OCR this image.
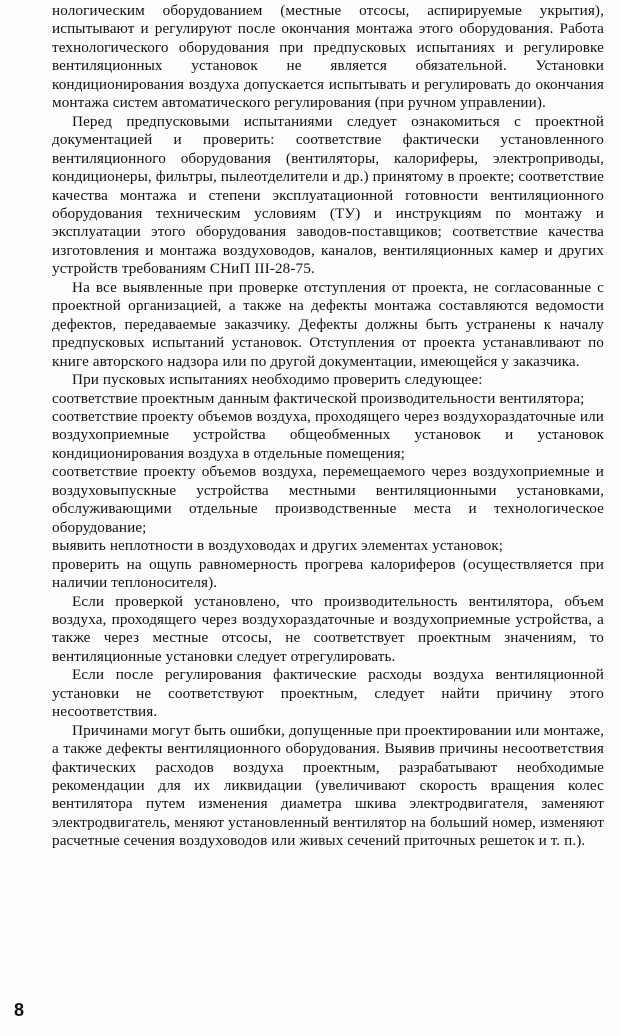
нологическим оборудованием (местные отсосы, аспирируемые укрытия), испытывают и регулируют после окончания монтажа этого оборудования. Работа технологического оборудования при предпусковых испытаниях и регулировке вентиляционных установок не является обязательной. Установки кондиционирования воздуха допускается испытывать и регулировать до окончания монтажа систем автоматического регулирования (при ручном управлении).

Перед предпусковыми испытаниями следует ознакомиться с проектной документацией и проверить: соответствие фактически установленного вентиляционного оборудования (вентиляторы, калориферы, электроприводы, кондиционеры, фильтры, пылеотделители и др.) принятому в проекте; соответствие качества монтажа и степени эксплуатационной готовности вентиляционного оборудования техническим условиям (ТУ) и инструкциям по монтажу и эксплуатации этого оборудования заводов-поставщиков; соответствие качества изготовления и монтажа воздуховодов, каналов, вентиляционных камер и других устройств требованиям СНиП III-28-75.

На все выявленные при проверке отступления от проекта, не согласованные с проектной организацией, а также на дефекты монтажа составляются ведомости дефектов, передаваемые заказчику. Дефекты должны быть устранены к началу предпусковых испытаний установок. Отступления от проекта устанавливают по книге авторского надзора или по другой документации, имеющейся у заказчика.

При пусковых испытаниях необходимо проверить следующее:

соответствие проектным данным фактической производительности вентилятора;

соответствие проекту объемов воздуха, проходящего через воздухораздаточные или воздухоприемные устройства общеобменных установок и установок кондиционирования воздуха в отдельные помещения;

соответствие проекту объемов воздуха, перемещаемого через воздухоприемные и воздуховыпускные устройства местными вентиляционными установками, обслуживающими отдельные производственные места и технологическое оборудование;

выявить неплотности в воздуховодах и других элементах установок;

проверить на ощупь равномерность прогрева калориферов (осуществляется при наличии теплоносителя).

Если проверкой установлено, что производительность вентилятора, объем воздуха, проходящего через воздухораздаточные и воздухоприемные устройства, а также через местные отсосы, не соответствует проектным значениям, то вентиляционные установки следует отрегулировать.

Если после регулирования фактические расходы воздуха вентиляционной установки не соответствуют проектным, следует найти причину этого несоответствия.

Причинами могут быть ошибки, допущенные при проектировании или монтаже, а также дефекты вентиляционного оборудования. Выявив причины несоответствия фактических расходов воздуха проектным, разрабатывают необходимые рекомендации для их ликвидации (увеличивают скорость вращения колес вентилятора путем изменения диаметра шкива электродвигателя, заменяют электродвигатель, меняют установленный вентилятор на больший номер, изменяют расчетные сечения воздуховодов или живых сечений приточных решеток и т. п.).

8
